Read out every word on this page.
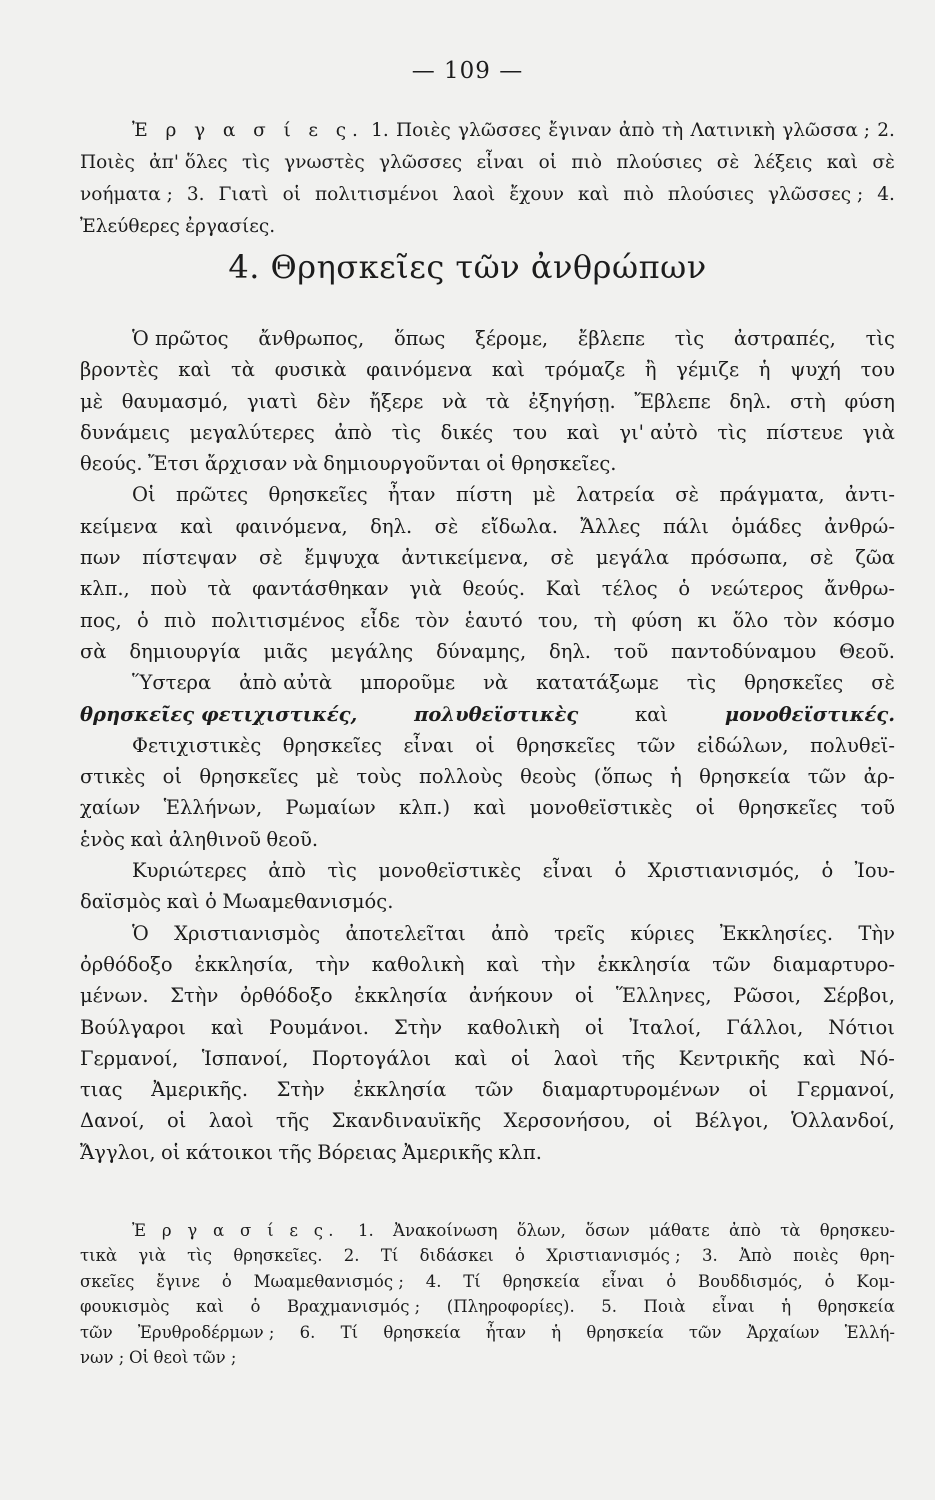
— 109 —
Ἐ ρ γ α σ ί ε ς. 1. Ποιὲς γλῶσσες ἔγιναν ἀπὸ τὴ Λατινικὴ γλῶσσα ; 2.
Ποιὲς ἀπ' ὅλες τὶς γνωστὲς γλῶσσες εἶναι οἱ πιὸ πλούσιες σὲ λέξεις καὶ σὲ
νοήματα ; 3. Γιατὶ οἱ πολιτισμένοι λαοὶ ἔχουν καὶ πιὸ πλούσιες γλῶσσες ; 4.
Ἐλεύθερες ἐργασίες.
4. Θρησκεῖες τῶν ἀνθρώπων
Ὁ πρῶτος ἄνθρωπος, ὅπως ξέρομε, ἔβλεπε τὶς ἀστραπές, τὶς
βροντὲς καὶ τὰ φυσικὰ φαινόμενα καὶ τρόμαζε ἢ γέμιζε ἡ ψυχή του
μὲ θαυμασμό, γιατὶ δὲν ἤξερε νὰ τὰ ἐξηγήσῃ. Ἔβλεπε δηλ. στὴ φύση
δυνάμεις μεγαλύτερες ἀπὸ τὶς δικές του καὶ γι' αὐτὸ τὶς πίστευε γιὰ
θεούς. Ἔτσι ἄρχισαν νὰ δημιουργοῦνται οἱ θρησκεῖες.
Οἱ πρῶτες θρησκεῖες ἦταν πίστη μὲ λατρεία σὲ πράγματα, ἀντι-
κείμενα καὶ φαινόμενα, δηλ. σὲ εἴδωλα. Ἄλλες πάλι ὁμάδες ἀνθρώ-
πων πίστεψαν σὲ ἔμψυχα ἀντικείμενα, σὲ μεγάλα πρόσωπα, σὲ ζῶα
κλπ., ποὺ τὰ φαντάσθηκαν γιὰ θεούς. Καὶ τέλος ὁ νεώτερος ἄνθρω-
πος, ὁ πιὸ πολιτισμένος εἶδε τὸν ἑαυτό του, τὴ φύση κι ὅλο τὸν κόσμο
σὰ δημιουργία μιᾶς μεγάλης δύναμης, δηλ. τοῦ παντοδύναμου Θεοῦ.
Ὕστερα ἀπὸ αὐτὰ μποροῦμε νὰ κατατάξωμε τὶς θρησκεῖες σὲ
θρησκεῖες φετιχιστικές,	πολυθεϊστικὲς	καὶ	μονοθεϊστικές.
Φετιχιστικὲς θρησκεῖες εἶναι οἱ θρησκεῖες τῶν εἰδώλων, πολυθεϊ-
στικὲς οἱ θρησκεῖες μὲ τοὺς πολλοὺς θεοὺς (ὅπως ἡ θρησκεία τῶν ἀρ-
χαίων Ἑλλήνων, Ρωμαίων κλπ.) καὶ μονοθεϊστικὲς οἱ θρησκεῖες τοῦ
ἑνὸς καὶ ἀληθινοῦ θεοῦ.
Κυριώτερες ἀπὸ τὶς μονοθεϊστικὲς εἶναι ὁ Χριστιανισμός, ὁ Ἰου-
δαϊσμὸς καὶ ὁ Μωαμεθανισμός.
Ὁ Χριστιανισμὸς ἀποτελεῖται ἀπὸ τρεῖς κύριες Ἐκκλησίες. Τὴν
ὀρθόδοξο ἐκκλησία, τὴν καθολικὴ καὶ τὴν ἐκκλησία τῶν διαμαρτυρο-
μένων. Στὴν ὀρθόδοξο ἐκκλησία ἀνήκουν οἱ Ἕλληνες, Ρῶσοι, Σέρβοι,
Βούλγαροι καὶ Ρουμάνοι. Στὴν καθολικὴ οἱ Ἰταλοί, Γάλλοι, Νότιοι
Γερμανοί, Ἱσπανοί, Πορτογάλοι καὶ οἱ λαοὶ τῆς Κεντρικῆς καὶ Νό-
τιας Ἀμερικῆς. Στὴν ἐκκλησία τῶν διαμαρτυρομένων οἱ Γερμανοί,
Δανοί, οἱ λαοὶ τῆς Σκανδιναυϊκῆς Χερσονήσου, οἱ Βέλγοι, Ὁλλανδοί,
Ἄγγλοι, οἱ κάτοικοι τῆς Βόρειας Ἀμερικῆς κλπ.
Ἐ ρ γ α σ ί ε ς. 1. Ἀνακοίνωση ὅλων, ὅσων μάθατε ἀπὸ τὰ θρησκευ-
τικὰ γιὰ τὶς θρησκεῖες. 2. Τί διδάσκει ὁ Χριστιανισμός ; 3. Ἀπὸ ποιὲς θρη-
σκεῖες ἔγινε ὁ Μωαμεθανισμός ; 4. Τί θρησκεία εἶναι ὁ Βουδδισμός, ὁ Κομ-
φουκισμὸς καὶ ὁ Βραχμανισμός ; (Πληροφορίες). 5. Ποιὰ εἶναι ἡ θρησκεία
τῶν Ἐρυθροδέρμων ; 6. Τί θρησκεία ἦταν ἡ θρησκεία τῶν Ἀρχαίων Ἑλλή-
νων ; Οἱ θεοὶ τῶν ;
